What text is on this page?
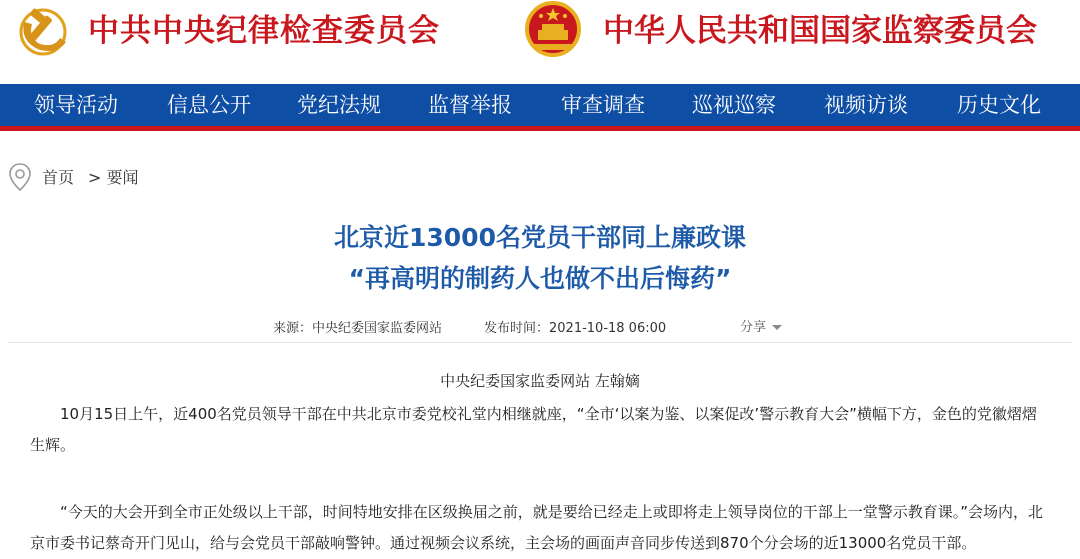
中共中央纪律检查委员会	中华人民共和国国家监察委员会
领导活动 信息公开 党纪法规 监督举报 审查调查 巡视巡察 视频访谈 历史文化
首页 > 要闻
北京近13000名党员干部同上廉政课
“再高明的制药人也做不出后悔药”
来源：中央纪委国家监委网站	发布时间：2021-10-18 06:00	分享
中央纪委国家监委网站 左翰嫡

10月15日上午，近400名党员领导干部在中共北京市委党校礼堂内相继就座，“全市‘以案为鉴、以案促改’警示教育大会”横幅下方，金色的党徽熠熠生辉。

“今天的大会开到全市正处级以上干部，时间特地安排在区级换届之前，就是要给已经走上或即将走上领导岗位的干部上一堂警示教育课。”会场内，北京市委书记蔡奇开门见山，给与会党员干部敲响警钟。通过视频会议系统，主会场的画面声音同步传送到870个分会场的近13000名党员干部。
